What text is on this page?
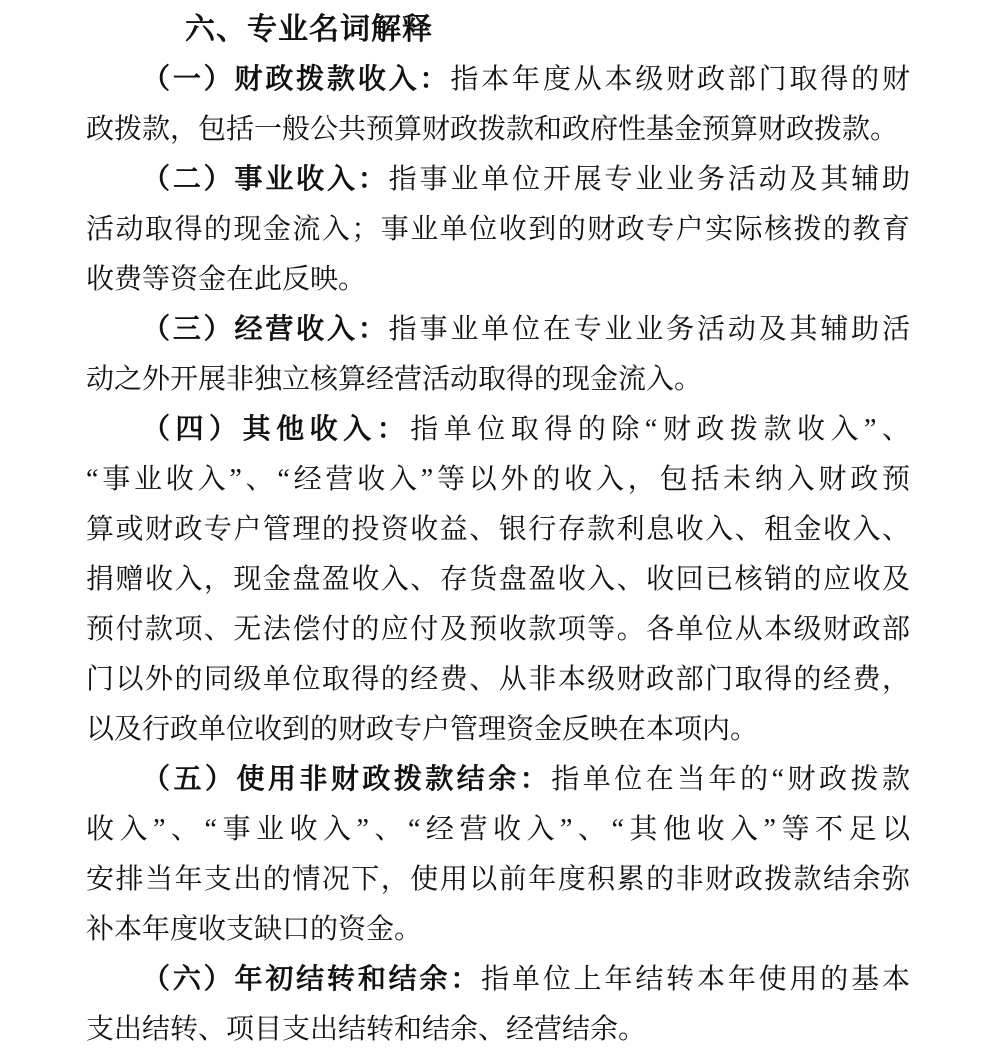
六、专业名词解释
（一）财政拨款收入：指本年度从本级财政部门取得的财
政拨款，包括一般公共预算财政拨款和政府性基金预算财政拨款。
（二）事业收入：指事业单位开展专业业务活动及其辅助
活动取得的现金流入；事业单位收到的财政专户实际核拨的教育
收费等资金在此反映。
（三）经营收入：指事业单位在专业业务活动及其辅助活
动之外开展非独立核算经营活动取得的现金流入。
（四）其他收入：指单位取得的除“财政拨款收入”、
“事业收入”、“经营收入”等以外的收入，包括未纳入财政预
算或财政专户管理的投资收益、银行存款利息收入、租金收入、
捐赠收入，现金盘盈收入、存货盘盈收入、收回已核销的应收及
预付款项、无法偿付的应付及预收款项等。各单位从本级财政部
门以外的同级单位取得的经费、从非本级财政部门取得的经费，
以及行政单位收到的财政专户管理资金反映在本项内。
（五）使用非财政拨款结余：指单位在当年的“财政拨款
收入”、“事业收入”、“经营收入”、“其他收入”等不足以
安排当年支出的情况下，使用以前年度积累的非财政拨款结余弥
补本年度收支缺口的资金。
（六）年初结转和结余：指单位上年结转本年使用的基本
支出结转、项目支出结转和结余、经营结余。
